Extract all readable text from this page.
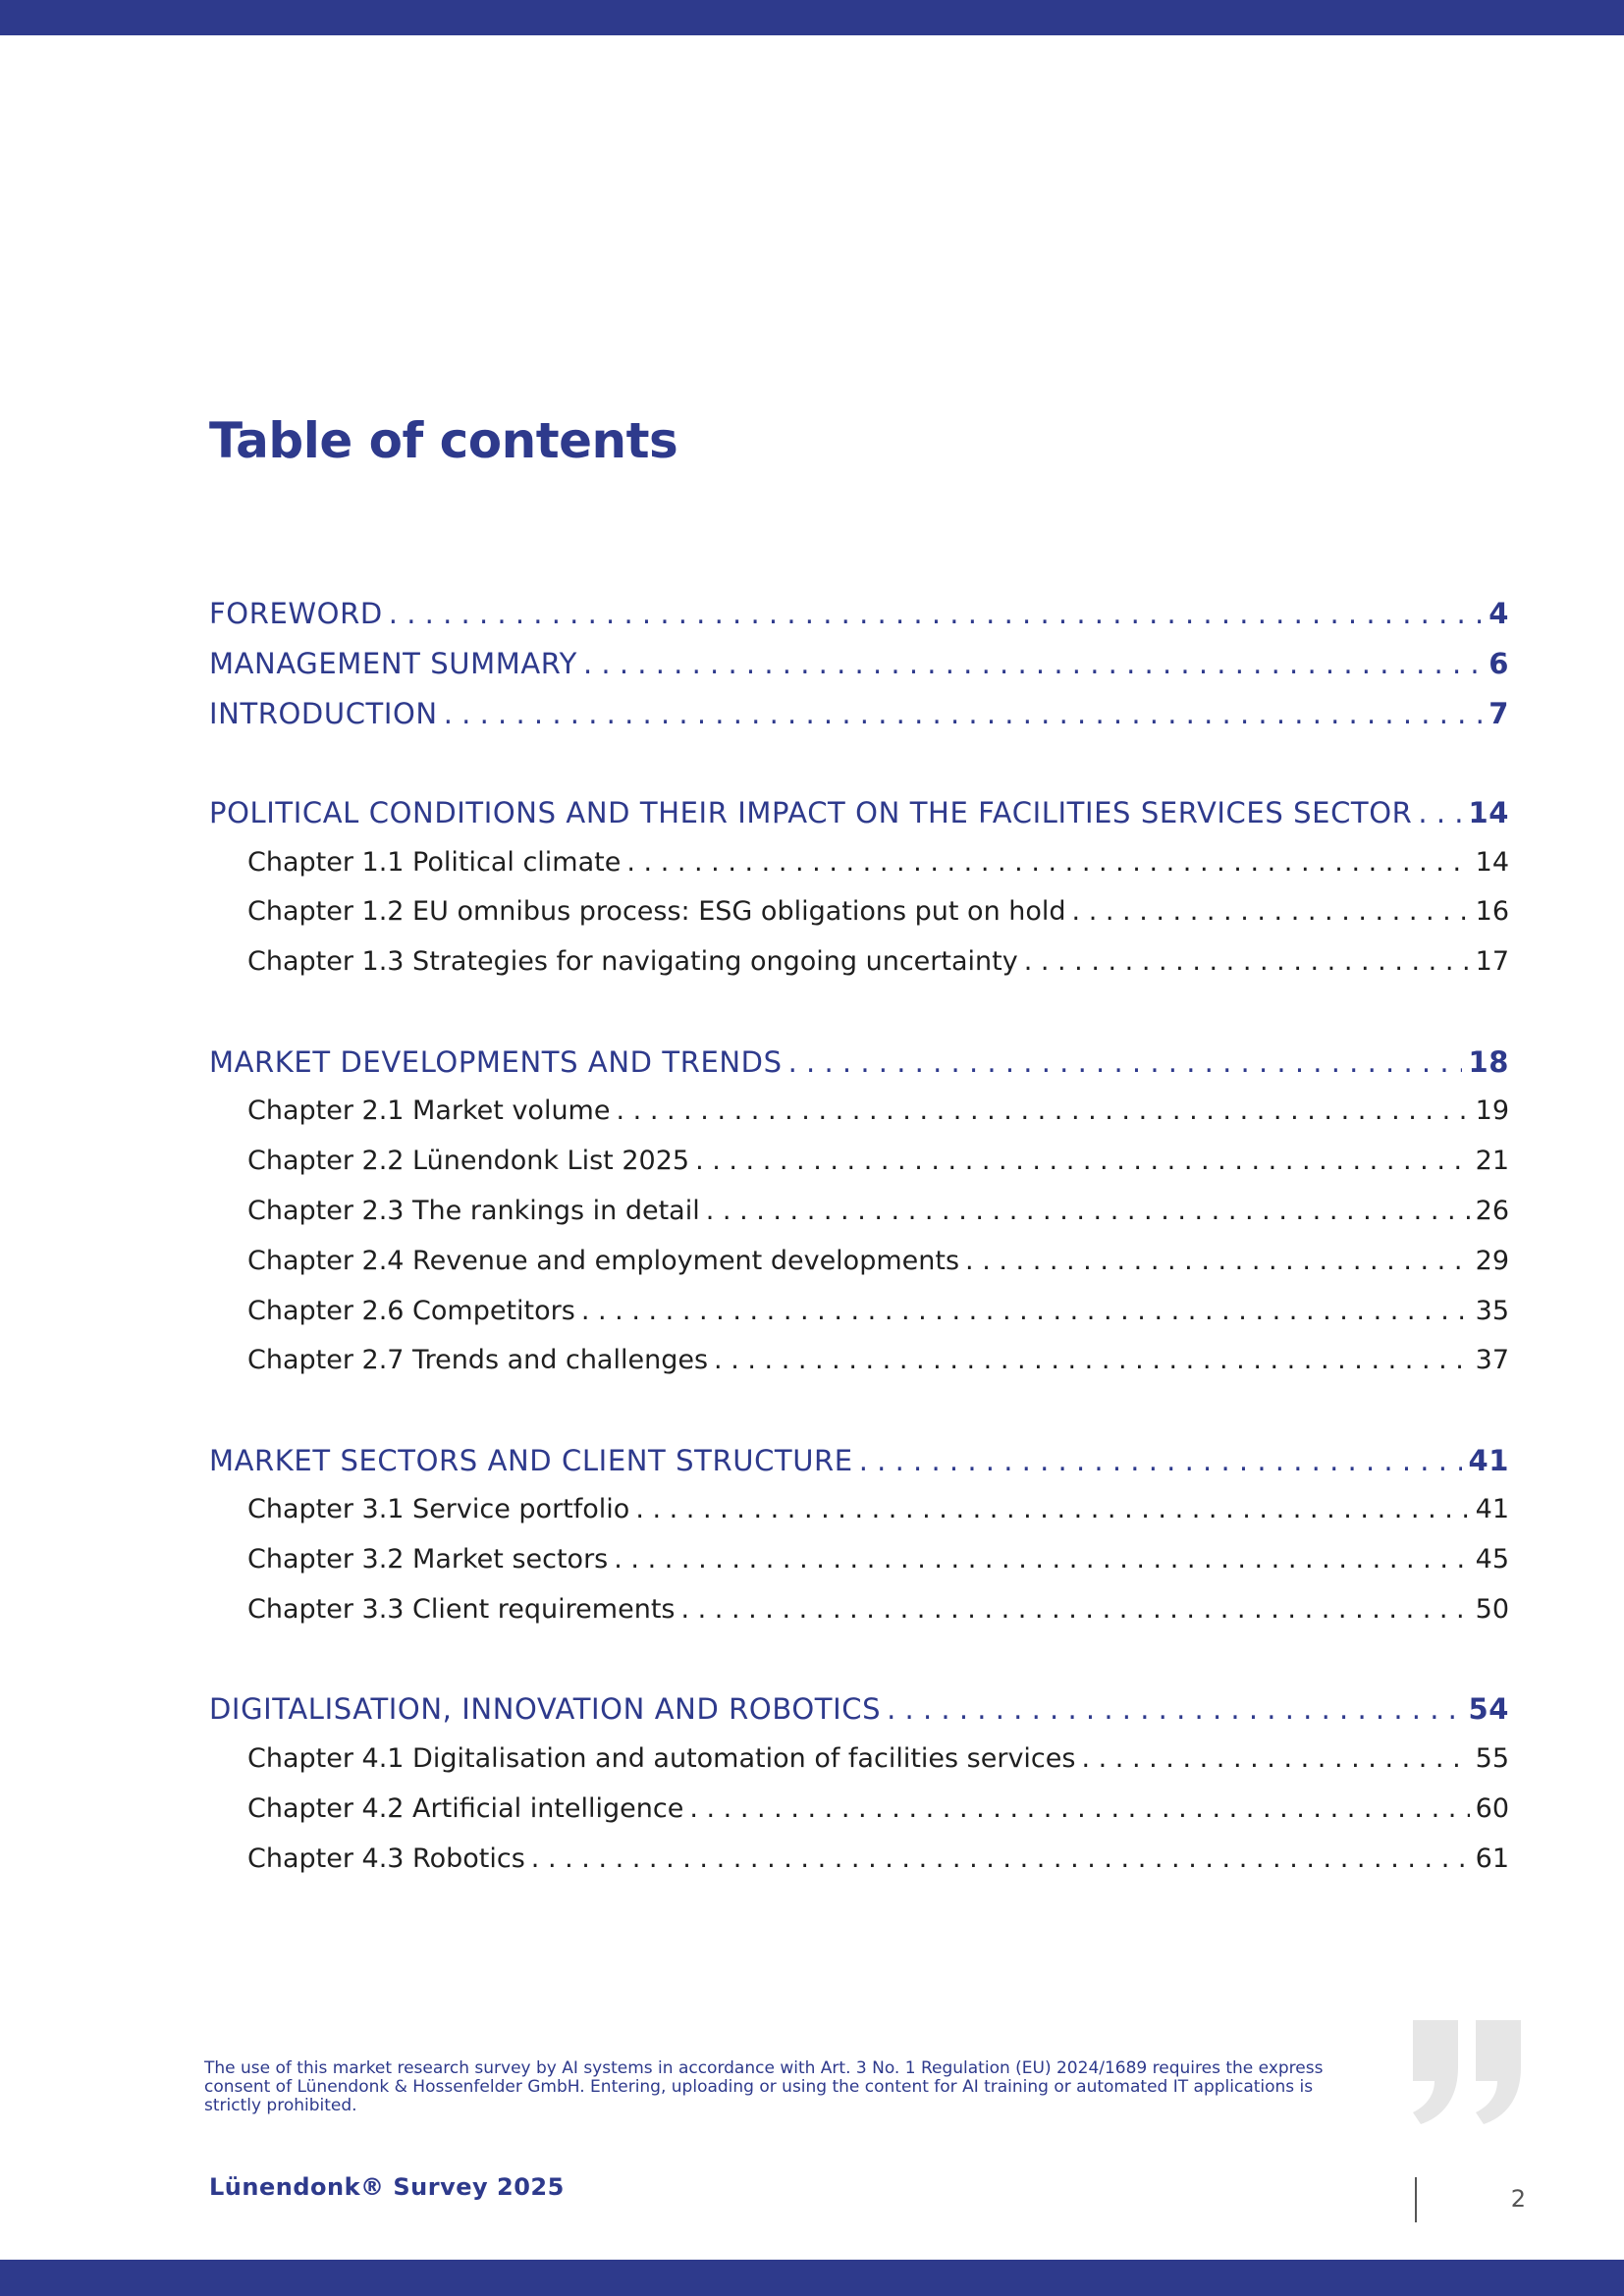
Table of contents
FOREWORD . . .	4
MANAGEMENT SUMMARY . . .	6
INTRODUCTION . . .	7
POLITICAL CONDITIONS AND THEIR IMPACT ON THE FACILITIES SERVICES SECTOR . . . 14
Chapter 1.1 Political climate . . .	14
Chapter 1.2 EU omnibus process: ESG obligations put on hold . . .	16
Chapter 1.3 Strategies for navigating ongoing uncertainty . . .	17
MARKET DEVELOPMENTS AND TRENDS . . .	18
Chapter 2.1 Market volume . . .	19
Chapter 2.2 Lünendonk List 2025 . . .	21
Chapter 2.3 The rankings in detail . . .	26
Chapter 2.4 Revenue and employment developments . . .	29
Chapter 2.6 Competitors . . .	35
Chapter 2.7 Trends and challenges . . .	37
MARKET SECTORS AND CLIENT STRUCTURE . . .	41
Chapter 3.1 Service portfolio . . .	41
Chapter 3.2 Market sectors . . .	45
Chapter 3.3 Client requirements . . .	50
DIGITALISATION, INNOVATION AND ROBOTICS . . .	54
Chapter 4.1 Digitalisation and automation of facilities services . . .	55
Chapter 4.2 Artificial intelligence . . .	60
Chapter 4.3 Robotics . . .	61

The use of this market research survey by AI systems in accordance with Art. 3 No. 1 Regulation (EU) 2024/1689 requires the express consent of Lünendonk & Hossenfelder GmbH. Entering, uploading or using the content for AI training or automated IT applications is strictly prohibited.

Lünendonk® Survey 2025	2
